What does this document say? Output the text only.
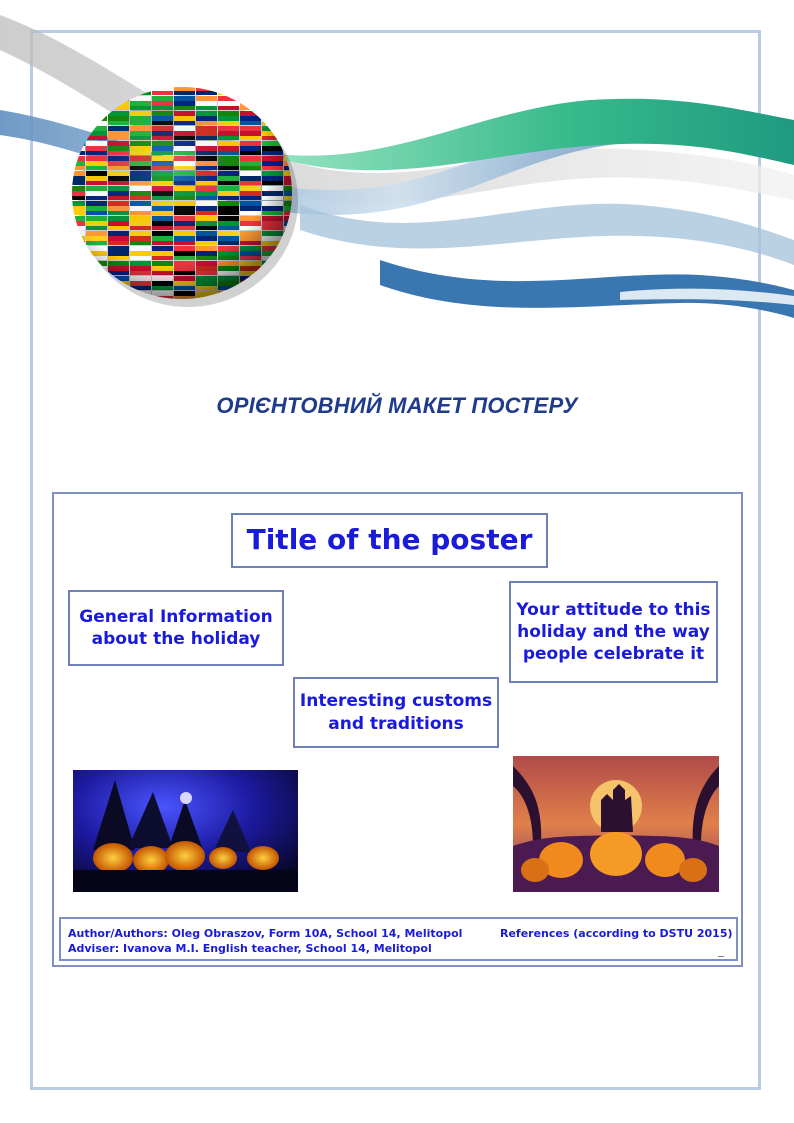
ОРІЄНТОВНИЙ МАКЕТ ПОСТЕРУ
Title of the poster
General Information about the holiday
Your attitude to this holiday and the way people celebrate it
Interesting customs and traditions
Author/Authors: Oleg Obraszov, Form 10A, School 14, Melitopol
Adviser: Ivanova M.I. English teacher, School 14, Melitopol
References (according to DSTU 2015)
